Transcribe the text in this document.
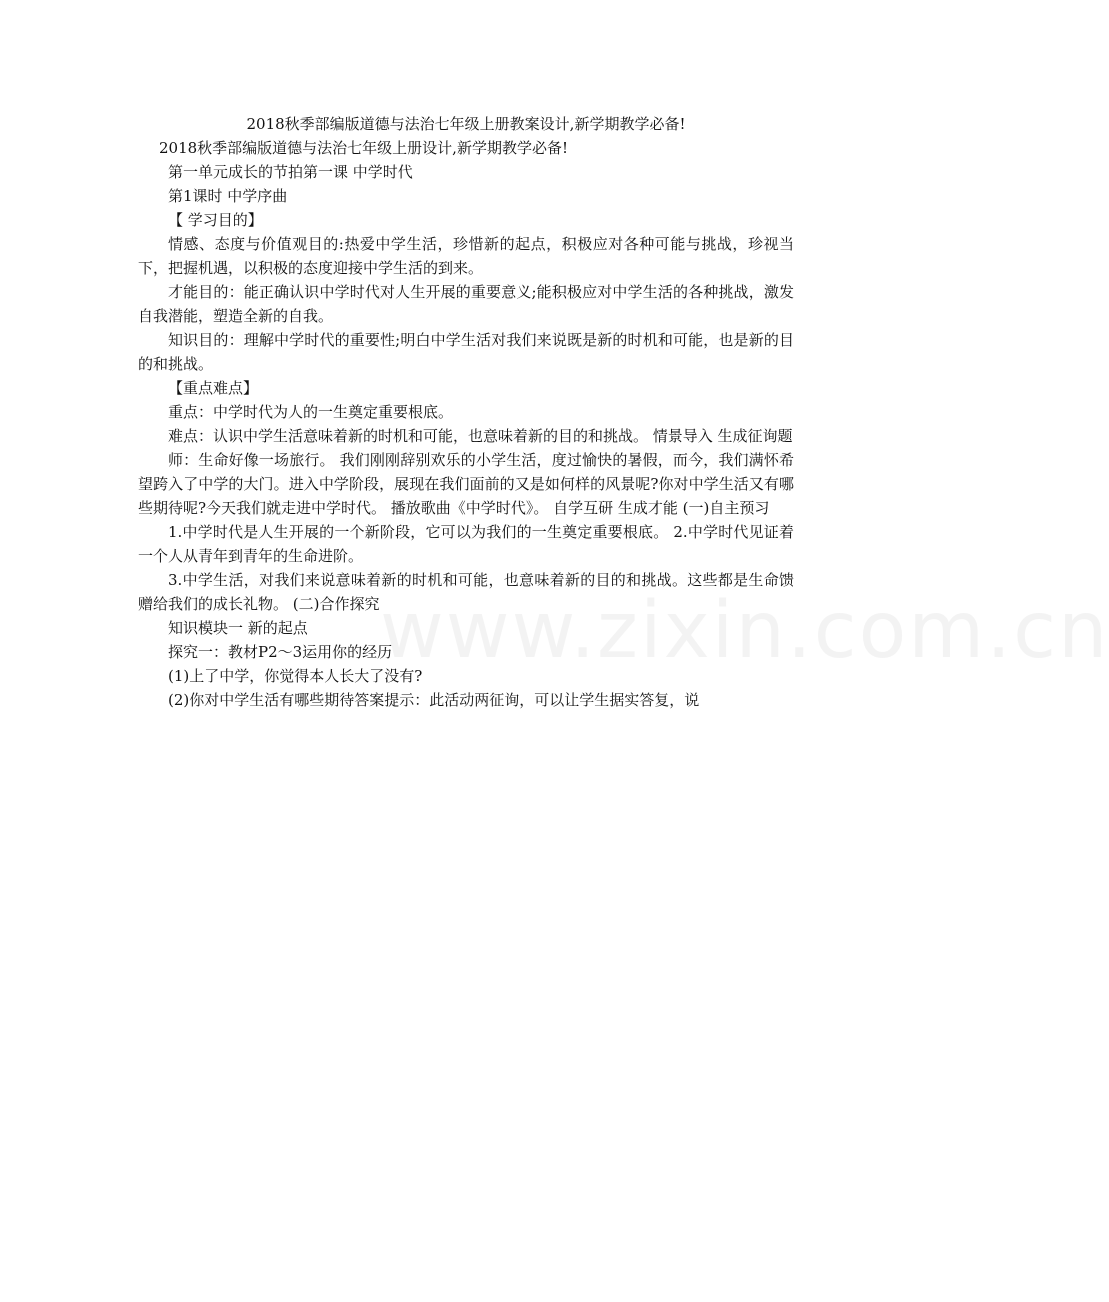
2018秋季部编版道德与法治七年级上册教案设计,新学期教学必备!

2018秋季部编版道德与法治七年级上册设计,新学期教学必备!

第一单元成长的节拍第一课 中学时代

第1课时 中学序曲

【 学习目的】

情感、态度与价值观目的:热爱中学生活，珍惜新的起点，积极应对各种可能与挑战，珍视当下，把握机遇，以积极的态度迎接中学生活的到来。

才能目的：能正确认识中学时代对人生开展的重要意义;能积极应对中学生活的各种挑战，激发自我潜能，塑造全新的自我。

知识目的：理解中学时代的重要性;明白中学生活对我们来说既是新的时机和可能，也是新的目的和挑战。

【重点难点】

重点：中学时代为人的一生奠定重要根底。

难点：认识中学生活意味着新的时机和可能，也意味着新的目的和挑战。 情景导入 生成征询题

师：生命好像一场旅行。 我们刚刚辞别欢乐的小学生活，度过愉快的暑假，而今，我们满怀希望跨入了中学的大门。进入中学阶段，展现在我们面前的又是如何样的风景呢?你对中学生活又有哪些期待呢?今天我们就走进中学时代。 播放歌曲《中学时代》。 自学互研 生成才能 (一)自主预习

1.中学时代是人生开展的一个新阶段，它可以为我们的一生奠定重要根底。 2.中学时代见证着一个人从青年到青年的生命进阶。

3.中学生活，对我们来说意味着新的时机和可能，也意味着新的目的和挑战。这些都是生命馈赠给我们的成长礼物。 (二)合作探究

知识模块一 新的起点

探究一：教材P2～3运用你的经历

(1)上了中学，你觉得本人长大了没有?

(2)你对中学生活有哪些期待答案提示：此活动两征询，可以让学生据实答复，说

www.zixin.com.cn
